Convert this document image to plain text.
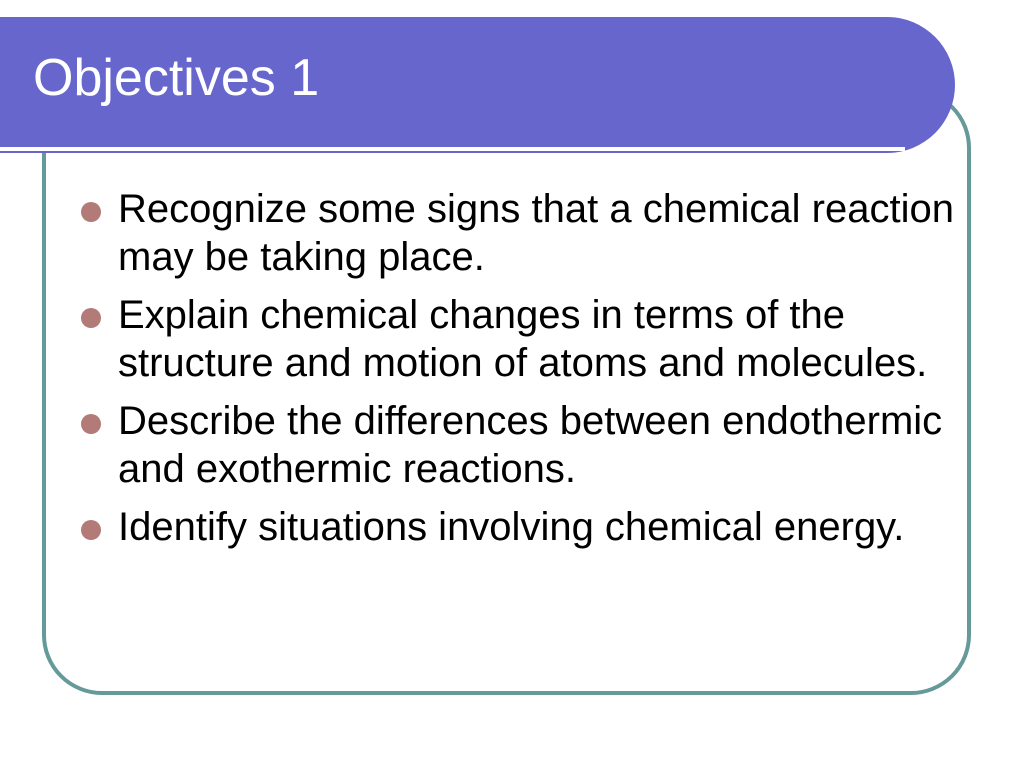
Objectives 1
Recognize some signs that a chemical reaction may be taking place.
Explain chemical changes in terms of the structure and motion of atoms and molecules.
Describe the differences between endothermic and exothermic reactions.
Identify situations involving chemical energy.
